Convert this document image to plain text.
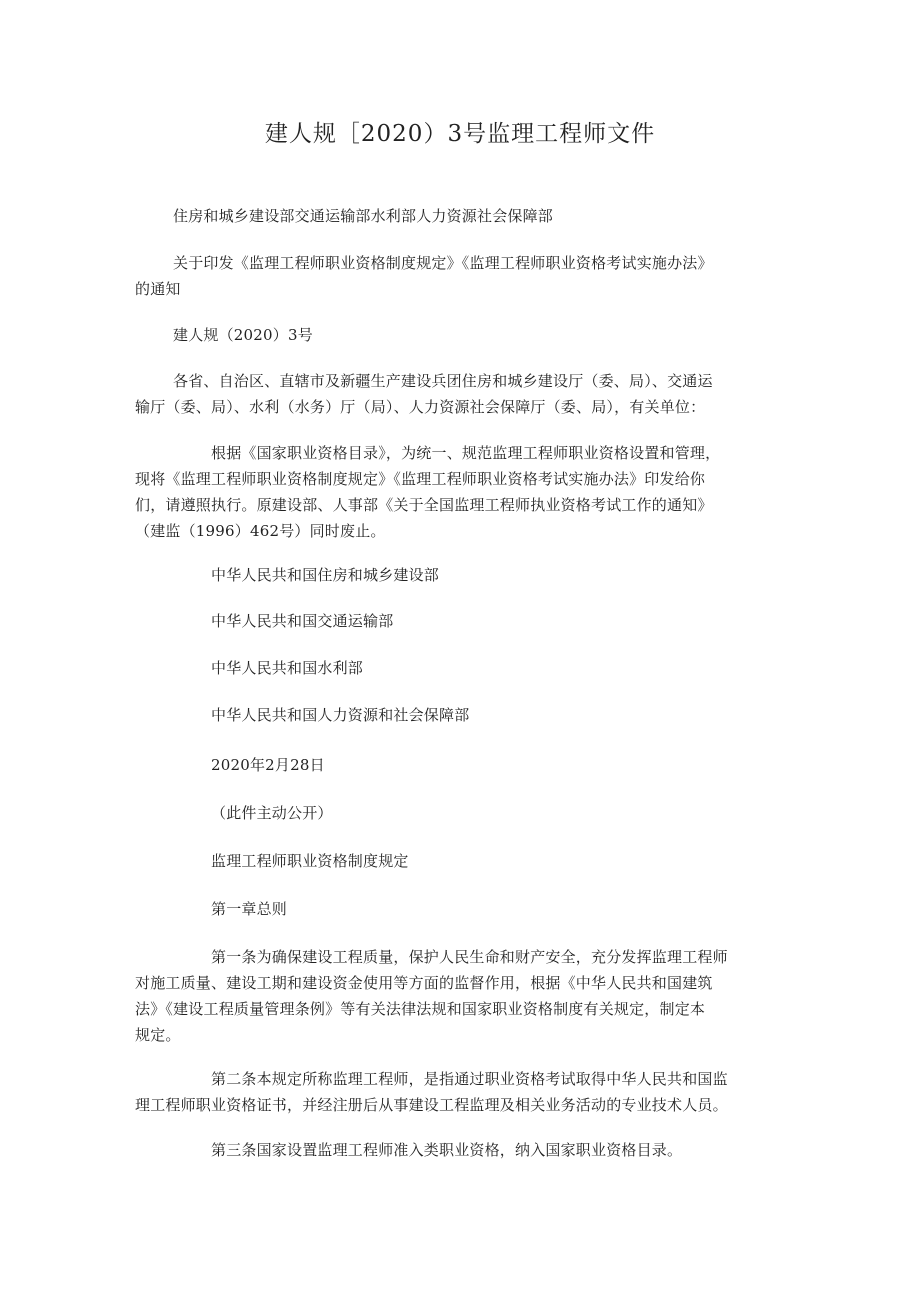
建人规［2020）3号监理工程师文件

住房和城乡建设部交通运输部水利部人力资源社会保障部

关于印发《监理工程师职业资格制度规定》《监理工程师职业资格考试实施办法》
的通知

建人规（2020）3号

各省、自治区、直辖市及新疆生产建设兵团住房和城乡建设厅（委、局）、交通运
输厅（委、局）、水利（水务）厅（局）、人力资源社会保障厅（委、局），有关单位：

根据《国家职业资格目录》，为统一、规范监理工程师职业资格设置和管理，
现将《监理工程师职业资格制度规定》《监理工程师职业资格考试实施办法》印发给你
们，请遵照执行。原建设部、人事部《关于全国监理工程师执业资格考试工作的通知》
（建监（1996）462号）同时废止。

中华人民共和国住房和城乡建设部

中华人民共和国交通运输部

中华人民共和国水利部

中华人民共和国人力资源和社会保障部

2020年2月28日

（此件主动公开）

监理工程师职业资格制度规定

第一章总则

第一条为确保建设工程质量，保护人民生命和财产安全，充分发挥监理工程师
对施工质量、建设工期和建设资金使用等方面的监督作用，根据《中华人民共和国建筑
法》《建设工程质量管理条例》等有关法律法规和国家职业资格制度有关规定，制定本
规定。

第二条本规定所称监理工程师，是指通过职业资格考试取得中华人民共和国监
理工程师职业资格证书，并经注册后从事建设工程监理及相关业务活动的专业技术人员。

第三条国家设置监理工程师准入类职业资格，纳入国家职业资格目录。
